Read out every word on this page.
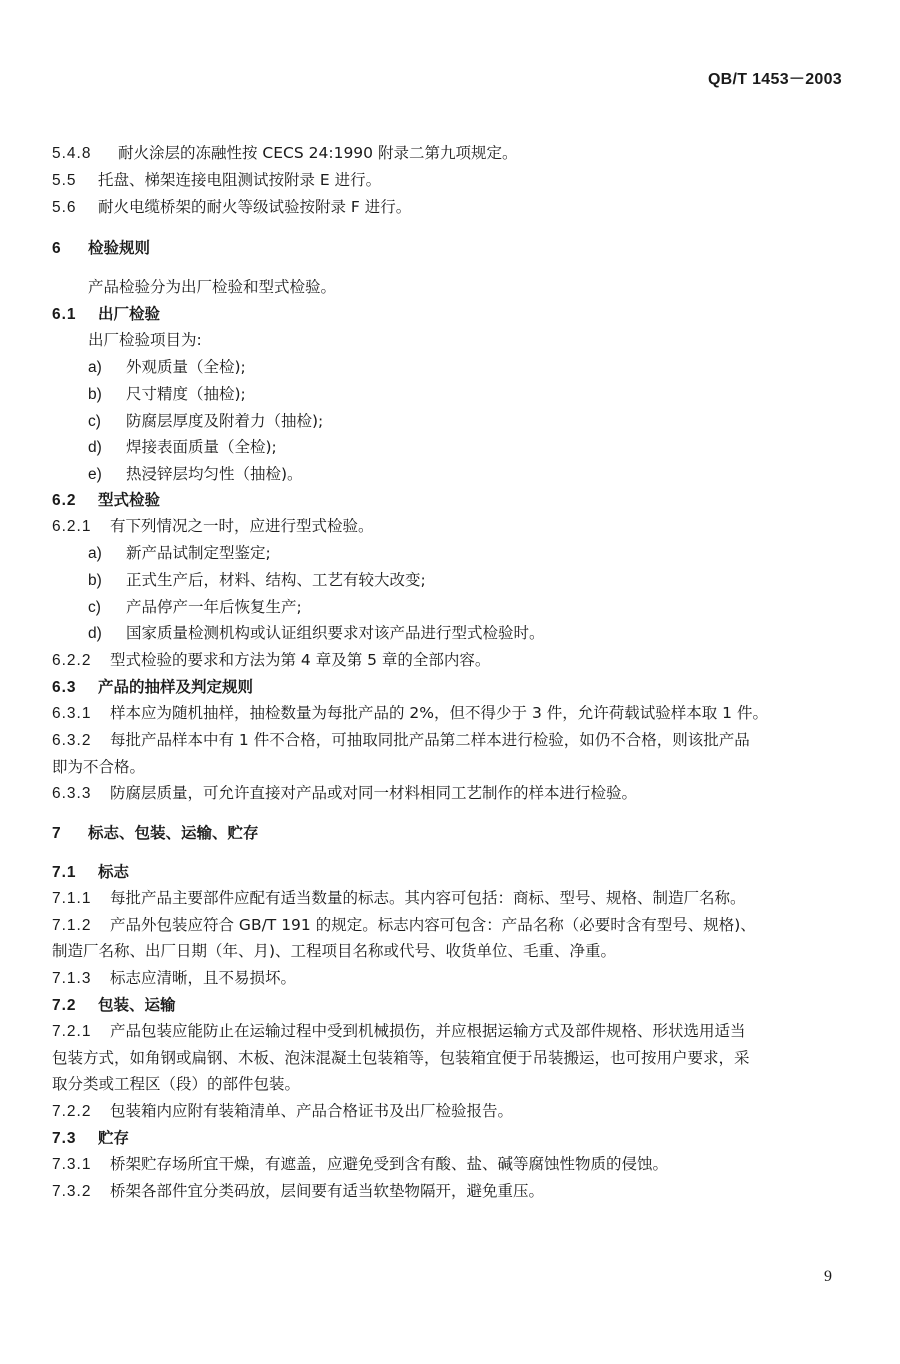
QB/T 1453－2003
5.4.8 耐火涂层的冻融性按 CECS 24:1990 附录二第九项规定。
5.5 托盘、梯架连接电阻测试按附录 E 进行。
5.6 耐火电缆桥架的耐火等级试验按附录 F 进行。
6 检验规则
产品检验分为出厂检验和型式检验。
6.1 出厂检验
出厂检验项目为:
a) 外观质量（全检);
b) 尺寸精度（抽检);
c) 防腐层厚度及附着力（抽检);
d) 焊接表面质量（全检);
e) 热浸锌层均匀性（抽检)。
6.2 型式检验
6.2.1 有下列情况之一时，应进行型式检验。
a) 新产品试制定型鉴定;
b) 正式生产后，材料、结构、工艺有较大改变;
c) 产品停产一年后恢复生产;
d) 国家质量检测机构或认证组织要求对该产品进行型式检验时。
6.2.2 型式检验的要求和方法为第 4 章及第 5 章的全部内容。
6.3 产品的抽样及判定规则
6.3.1 样本应为随机抽样，抽检数量为每批产品的 2%，但不得少于 3 件，允许荷载试验样本取 1 件。
6.3.2 每批产品样本中有 1 件不合格，可抽取同批产品第二样本进行检验，如仍不合格，则该批产品
即为不合格。
6.3.3 防腐层质量，可允许直接对产品或对同一材料相同工艺制作的样本进行检验。
7 标志、包装、运输、贮存
7.1 标志
7.1.1 每批产品主要部件应配有适当数量的标志。其内容可包括：商标、型号、规格、制造厂名称。
7.1.2 产品外包装应符合 GB/T 191 的规定。标志内容可包含：产品名称（必要时含有型号、规格)、
制造厂名称、出厂日期（年、月)、工程项目名称或代号、收货单位、毛重、净重。
7.1.3 标志应清晰，且不易损坏。
7.2 包装、运输
7.2.1 产品包装应能防止在运输过程中受到机械损伤，并应根据运输方式及部件规格、形状选用适当
包装方式，如角钢或扁钢、木板、泡沫混凝土包装箱等，包装箱宜便于吊装搬运，也可按用户要求，采
取分类或工程区（段）的部件包装。
7.2.2 包装箱内应附有装箱清单、产品合格证书及出厂检验报告。
7.3 贮存
7.3.1 桥架贮存场所宜干燥，有遮盖，应避免受到含有酸、盐、碱等腐蚀性物质的侵蚀。
7.3.2 桥架各部件宜分类码放，层间要有适当软垫物隔开，避免重压。
9
